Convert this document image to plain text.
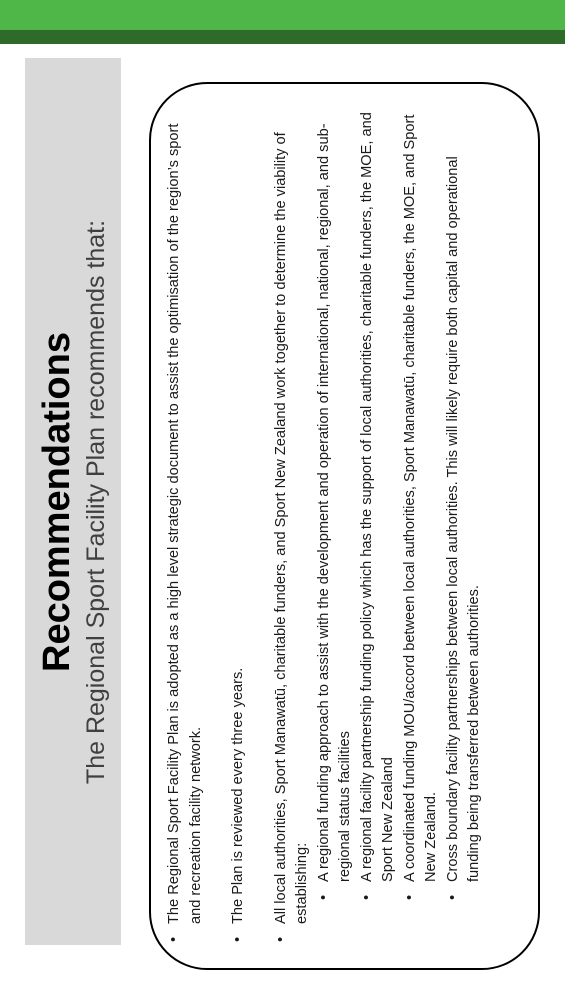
Recommendations The Regional Sport Facility Plan recommends that:	• The Regional Sport Facility Plan is adopted as a high level strategic document to assist the optimisation of the region’s sport and recreation facility network. • The Plan is reviewed every three years. • All local authorities, Sport Manawatū, charitable funders, and Sport New Zealand work together to determine the viability of establishing:
• A regional funding approach to assist with the development and operation of international, national, regional, and sub-regional status facilities • A regional facility partnership funding policy which has the support of local authorities, charitable funders, the MOE, and Sport New Zealand • A coordinated funding MOU/accord between local authorities, Sport Manawatū, charitable funders, the MOE, and Sport New Zealand. • Cross boundary facility partnerships between local authorities. This will likely require both capital and operational funding being transferred between authorities.
